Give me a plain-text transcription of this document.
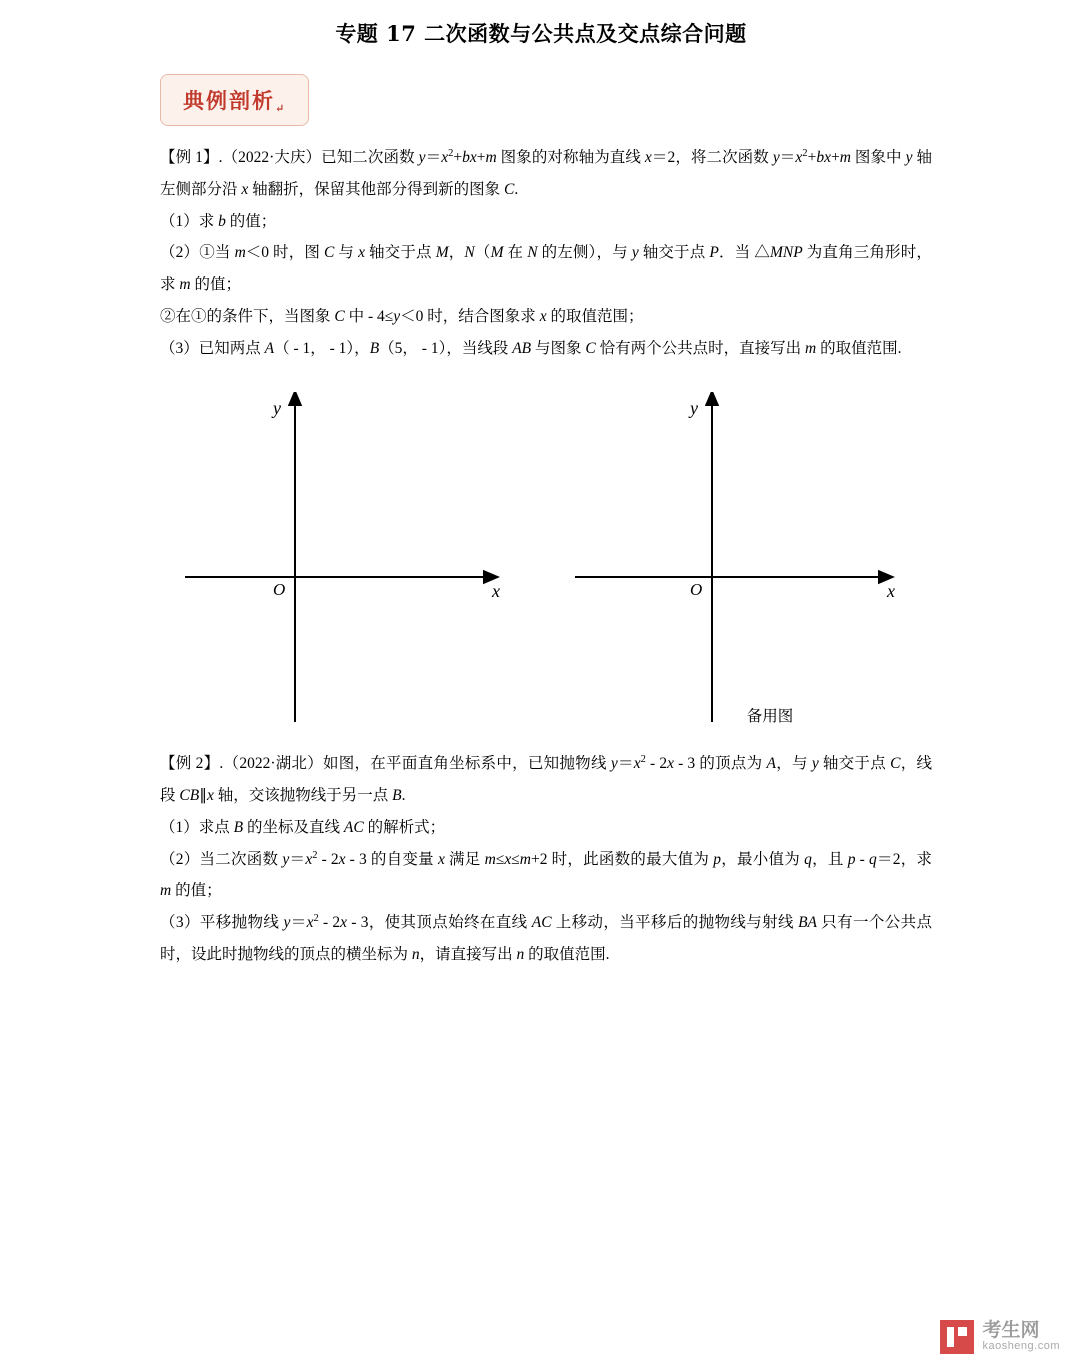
专题 17 二次函数与公共点及交点综合问题
典例剖析↵

【例 1】.（2022·大庆）已知二次函数 $y=x^2+bx+m$ 图象的对称轴为直线 x＝2，将二次函数 $y=x^2+bx+m$ 图象中 y 轴左侧部分沿 x 轴翻折，保留其他部分得到新的图象 C.

（1）求 b 的值；

（2）①当 m＜0 时，图 C 与 x 轴交于点 M，N（M 在 N 的左侧），与 y 轴交于点 P．当 △MNP 为直角三角形时，求 m 的值；

②在①的条件下，当图象 C 中 - 4≤y＜0 时，结合图象求 x 的取值范围；

（3）已知两点 A（ - 1， - 1），B（5， - 1），当线段 AB 与图象 C 恰有两个公共点时，直接写出 m 的取值范围.

x
y
O	x
y
O
备用图

【例 2】.（2022·湖北）如图，在平面直角坐标系中，已知抛物线 $y=x^2 - 2x - 3$ 的顶点为 A，与 y 轴交于点 C，线段 CB∥x 轴，交该抛物线于另一点 B.

（1）求点 B 的坐标及直线 AC 的解析式；

（2）当二次函数 $y=x^2 - 2x - 3$ 的自变量 x 满足 m≤x≤m+2 时，此函数的最大值为 p，最小值为 q，且 p - q＝2，求 m 的值；

（3）平移抛物线 $y=x^2 - 2x - 3$，使其顶点始终在直线 AC 上移动，当平移后的抛物线与射线 BA 只有一个公共点时，设此时抛物线的顶点的横坐标为 n，请直接写出 n 的取值范围.

考生网
kaosheng.com
